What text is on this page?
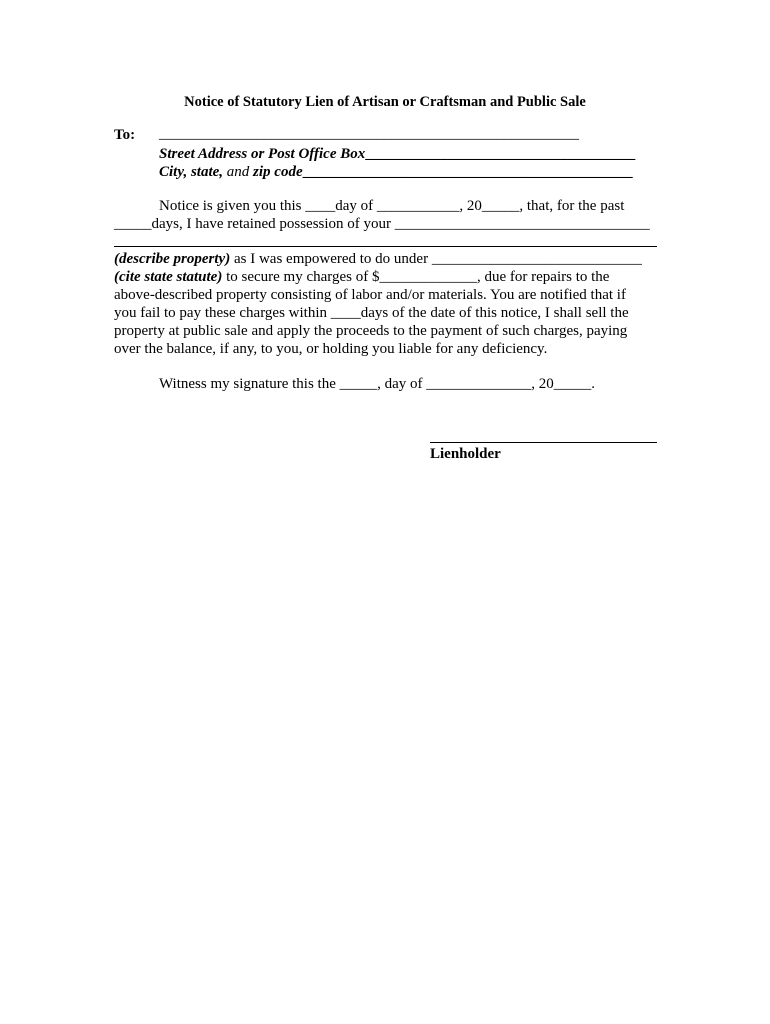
Notice of Statutory Lien of Artisan or Craftsman and Public Sale
To: ________________________________________________________
Street Address or Post Office Box____________________________________
City, state, and zip code____________________________________________
Notice is given you this ____day of ___________, 20_____, that, for the past
_____days, I have retained possession of your __________________________________
(describe property) as I was empowered to do under ____________________________
(cite state statute) to secure my charges of $_____________, due for repairs to the
above-described property consisting of labor and/or materials. You are notified that if
you fail to pay these charges within ____days of the date of this notice, I shall sell the
property at public sale and apply the proceeds to the payment of such charges, paying
over the balance, if any, to you, or holding you liable for any deficiency.
Witness my signature this the _____, day of ______________, 20_____.
Lienholder
